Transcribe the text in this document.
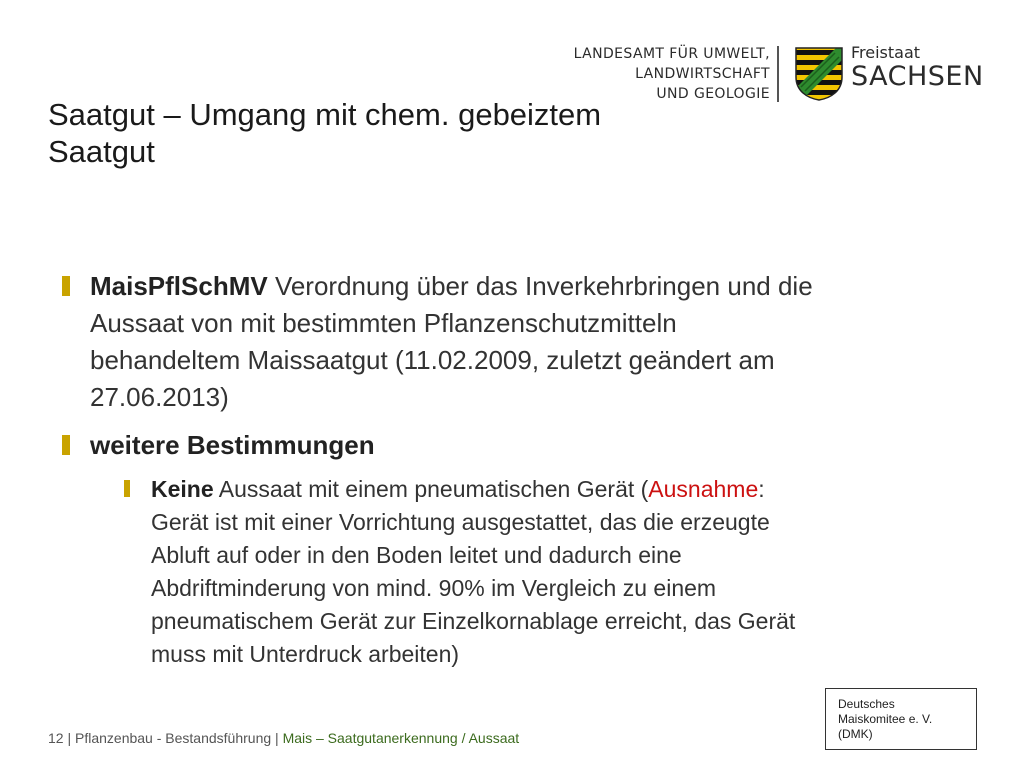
LANDESAMT FÜR UMWELT,
LANDWIRTSCHAFT
UND GEOLOGIE
Freistaat
SACHSEN
Saatgut – Umgang mit chem. gebeiztem
Saatgut
MaisPflSchMV Verordnung über das Inverkehrbringen und die
Aussaat von mit bestimmten Pflanzenschutzmitteln
behandeltem Maissaatgut (11.02.2009, zuletzt geändert am
27.06.2013)
weitere Bestimmungen
Keine Aussaat mit einem pneumatischen Gerät (Ausnahme:
Gerät ist mit einer Vorrichtung ausgestattet, das die erzeugte
Abluft auf oder in den Boden leitet und dadurch eine
Abdriftminderung von mind. 90% im Vergleich zu einem
pneumatischem Gerät zur Einzelkornablage erreicht, das Gerät
muss mit Unterdruck arbeiten)
Deutsches
Maiskomitee e. V.
(DMK)
12 | Pflanzenbau - Bestandsführung | Mais – Saatgutanerkennung / Aussaat
